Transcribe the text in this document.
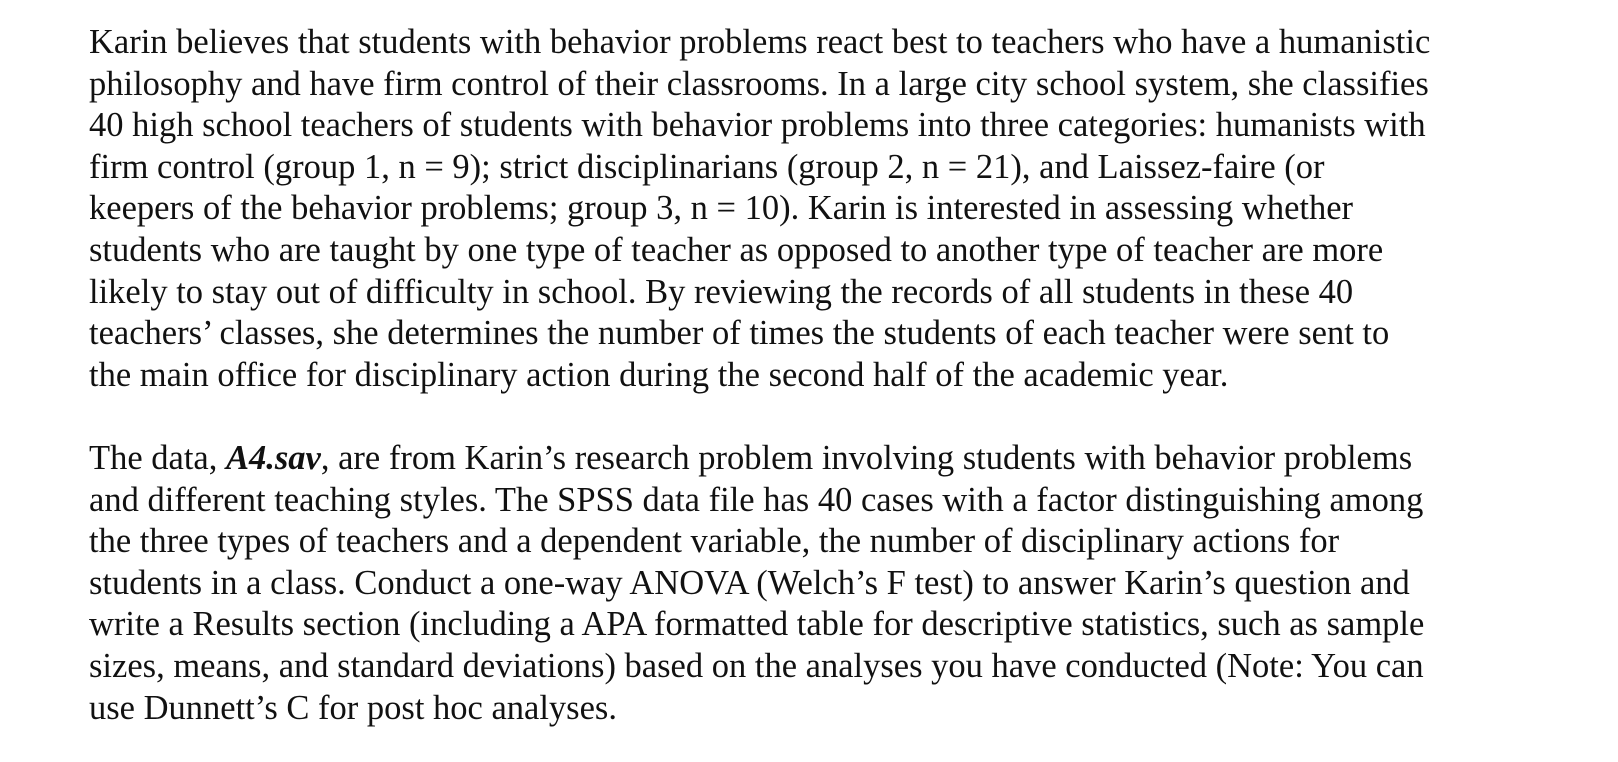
Karin believes that students with behavior problems react best to teachers who have a humanistic
philosophy and have firm control of their classrooms. In a large city school system, she classifies
40 high school teachers of students with behavior problems into three categories: humanists with
firm control (group 1, n = 9); strict disciplinarians (group 2, n = 21), and Laissez-faire (or
keepers of the behavior problems; group 3, n = 10). Karin is interested in assessing whether
students who are taught by one type of teacher as opposed to another type of teacher are more
likely to stay out of difficulty in school. By reviewing the records of all students in these 40
teachers’ classes, she determines the number of times the students of each teacher were sent to
the main office for disciplinary action during the second half of the academic year.

The data, A4.sav, are from Karin’s research problem involving students with behavior problems
and different teaching styles. The SPSS data file has 40 cases with a factor distinguishing among
the three types of teachers and a dependent variable, the number of disciplinary actions for
students in a class. Conduct a one-way ANOVA (Welch’s F test) to answer Karin’s question and
write a Results section (including a APA formatted table for descriptive statistics, such as sample
sizes, means, and standard deviations) based on the analyses you have conducted (Note: You can
use Dunnett’s C for post hoc analyses.
